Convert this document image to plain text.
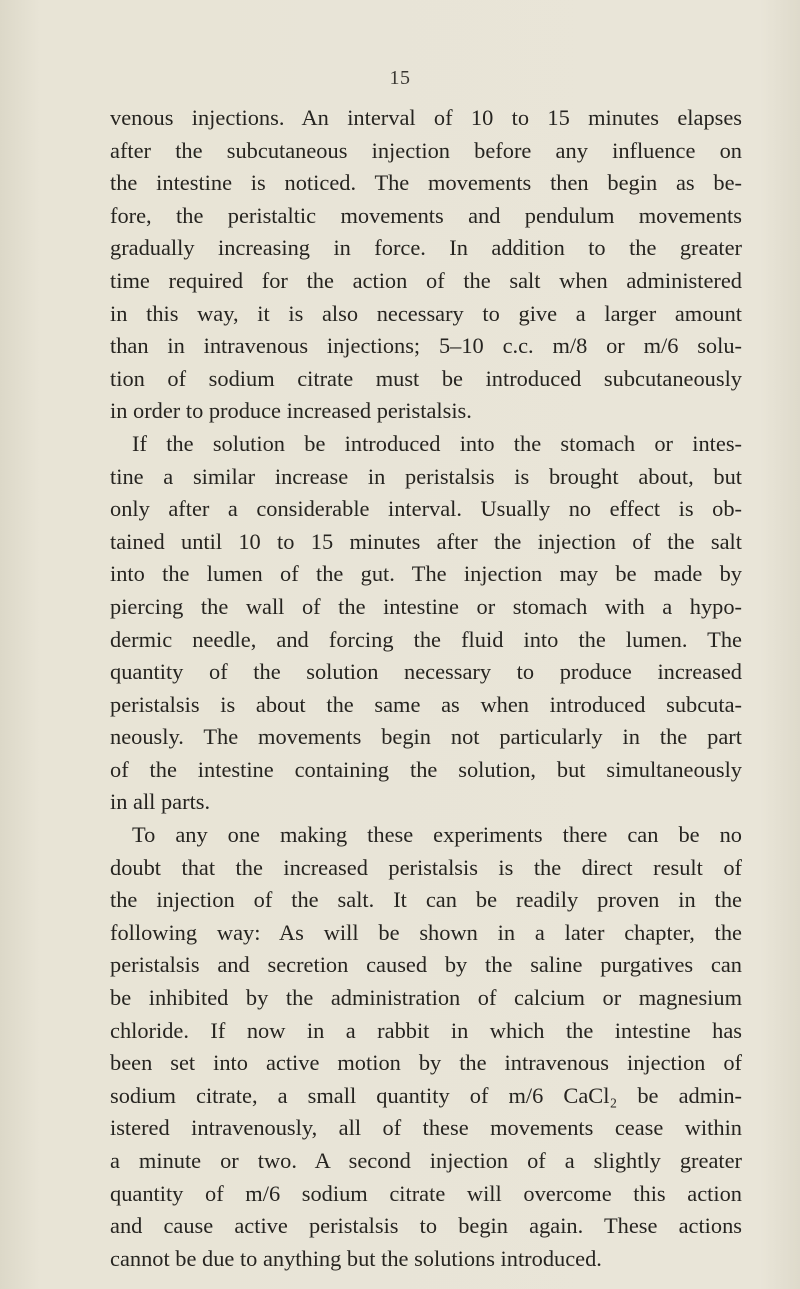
15
venous injections. An interval of 10 to 15 minutes elapses
after the subcutaneous injection before any influence on
the intestine is noticed. The movements then begin as be-
fore, the peristaltic movements and pendulum movements
gradually increasing in force. In addition to the greater
time required for the action of the salt when administered
in this way, it is also necessary to give a larger amount
than in intravenous injections; 5–10 c.c. m/8 or m/6 solu-
tion of sodium citrate must be introduced subcutaneously
in order to produce increased peristalsis.
If the solution be introduced into the stomach or intes-
tine a similar increase in peristalsis is brought about, but
only after a considerable interval. Usually no effect is ob-
tained until 10 to 15 minutes after the injection of the salt
into the lumen of the gut. The injection may be made by
piercing the wall of the intestine or stomach with a hypo-
dermic needle, and forcing the fluid into the lumen. The
quantity of the solution necessary to produce increased
peristalsis is about the same as when introduced subcuta-
neously. The movements begin not particularly in the part
of the intestine containing the solution, but simultaneously
in all parts.
To any one making these experiments there can be no
doubt that the increased peristalsis is the direct result of
the injection of the salt. It can be readily proven in the
following way: As will be shown in a later chapter, the
peristalsis and secretion caused by the saline purgatives can
be inhibited by the administration of calcium or magnesium
chloride. If now in a rabbit in which the intestine has
been set into active motion by the intravenous injection of
sodium citrate, a small quantity of m/6 CaCl₂ be admin-
istered intravenously, all of these movements cease within
a minute or two. A second injection of a slightly greater
quantity of m/6 sodium citrate will overcome this action
and cause active peristalsis to begin again. These actions
cannot be due to anything but the solutions introduced.
